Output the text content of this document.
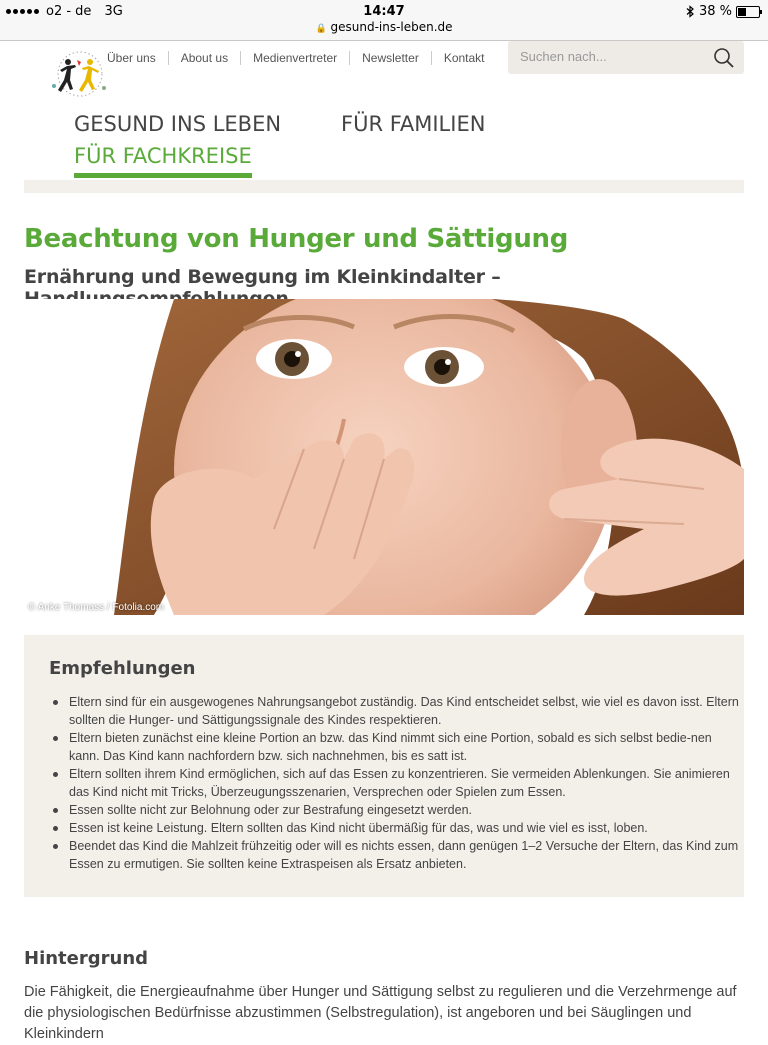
o2 - de 3G	14:47
🔒 gesund-ins-leben.de
38 %
Über uns	About us	Medienvertreter	Newsletter	Kontakt
Suchen nach...
GESUND INS LEBEN	FÜR FAMILIEN
FÜR FACHKREISE
Beachtung von Hunger und Sättigung
Ernährung und Bewegung im Kleinkindalter –
© Anke Thomass / Fotolia.com
Empfehlungen
Eltern sind für ein ausgewogenes Nahrungsangebot zuständig. Das Kind entscheidet selbst, wie viel es davon isst. Eltern sollten die Hunger- und Sättigungssignale des Kindes respektieren.
Eltern bieten zunächst eine kleine Portion an bzw. das Kind nimmt sich eine Portion, sobald es sich selbst bedie-nen kann. Das Kind kann nachfordern bzw. sich nachnehmen, bis es satt ist.
Eltern sollten ihrem Kind ermöglichen, sich auf das Essen zu konzentrieren. Sie vermeiden Ablenkungen. Sie animieren das Kind nicht mit Tricks, Überzeugungsszenarien, Versprechen oder Spielen zum Essen.
Essen sollte nicht zur Belohnung oder zur Bestrafung eingesetzt werden.
Essen ist keine Leistung. Eltern sollten das Kind nicht übermäßig für das, was und wie viel es isst, loben.
Beendet das Kind die Mahlzeit frühzeitig oder will es nichts essen, dann genügen 1–2 Versuche der Eltern, das Kind zum Essen zu ermutigen. Sie sollten keine Extraspeisen als Ersatz anbieten.
Hintergrund

Die Fähigkeit, die Energieaufnahme über Hunger und Sättigung selbst zu regulieren und die Verzehrmenge auf die physiologischen Bedürfnisse abzustimmen (Selbstregulation), ist angeboren und bei Säuglingen und Kleinkindern
